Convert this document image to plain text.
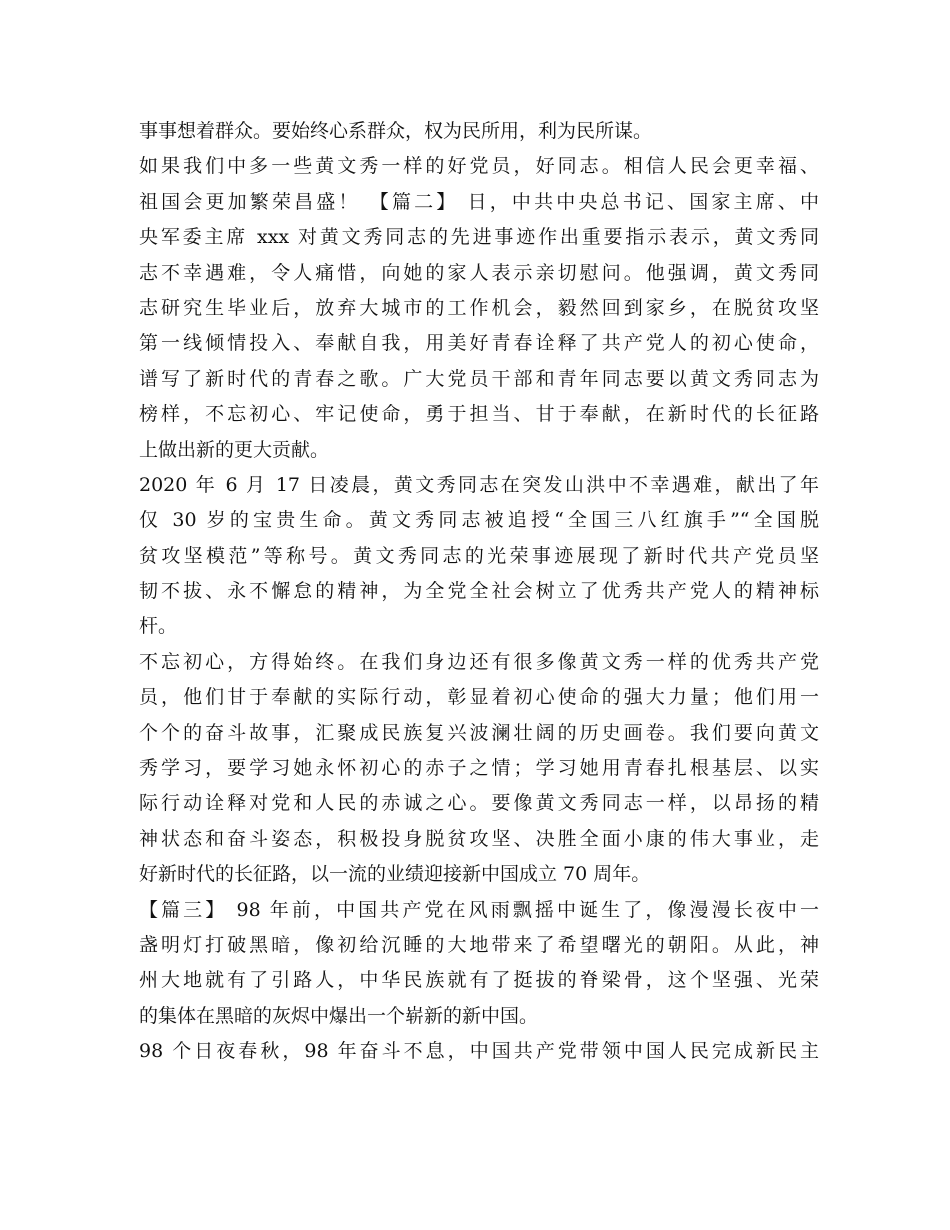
事事想着群众。要始终心系群众，权为民所用，利为民所谋。
如果我们中多一些黄文秀一样的好党员，好同志。相信人民会更幸福、
祖国会更加繁荣昌盛！ 【篇二】 日，中共中央总书记、国家主席、中
央军委主席 xxx 对黄文秀同志的先进事迹作出重要指示表示，黄文秀同
志不幸遇难，令人痛惜，向她的家人表示亲切慰问。他强调，黄文秀同
志研究生毕业后，放弃大城市的工作机会，毅然回到家乡，在脱贫攻坚
第一线倾情投入、奉献自我，用美好青春诠释了共产党人的初心使命，
谱写了新时代的青春之歌。广大党员干部和青年同志要以黄文秀同志为
榜样，不忘初心、牢记使命，勇于担当、甘于奉献，在新时代的长征路
上做出新的更大贡献。
2020 年 6 月 17 日凌晨，黄文秀同志在突发山洪中不幸遇难，献出了年
仅 30 岁的宝贵生命。黄文秀同志被追授“全国三八红旗手”“全国脱
贫攻坚模范”等称号。黄文秀同志的光荣事迹展现了新时代共产党员坚
韧不拔、永不懈怠的精神，为全党全社会树立了优秀共产党人的精神标
杆。
不忘初心，方得始终。在我们身边还有很多像黄文秀一样的优秀共产党
员，他们甘于奉献的实际行动，彰显着初心使命的强大力量；他们用一
个个的奋斗故事，汇聚成民族复兴波澜壮阔的历史画卷。我们要向黄文
秀学习，要学习她永怀初心的赤子之情；学习她用青春扎根基层、以实
际行动诠释对党和人民的赤诚之心。要像黄文秀同志一样，以昂扬的精
神状态和奋斗姿态，积极投身脱贫攻坚、决胜全面小康的伟大事业，走
好新时代的长征路，以一流的业绩迎接新中国成立 70 周年。
【篇三】 98 年前，中国共产党在风雨飘摇中诞生了，像漫漫长夜中一
盏明灯打破黑暗，像初给沉睡的大地带来了希望曙光的朝阳。从此，神
州大地就有了引路人，中华民族就有了挺拔的脊梁骨，这个坚强、光荣
的集体在黑暗的灰烬中爆出一个崭新的新中国。
98 个日夜春秋，98 年奋斗不息，中国共产党带领中国人民完成新民主
